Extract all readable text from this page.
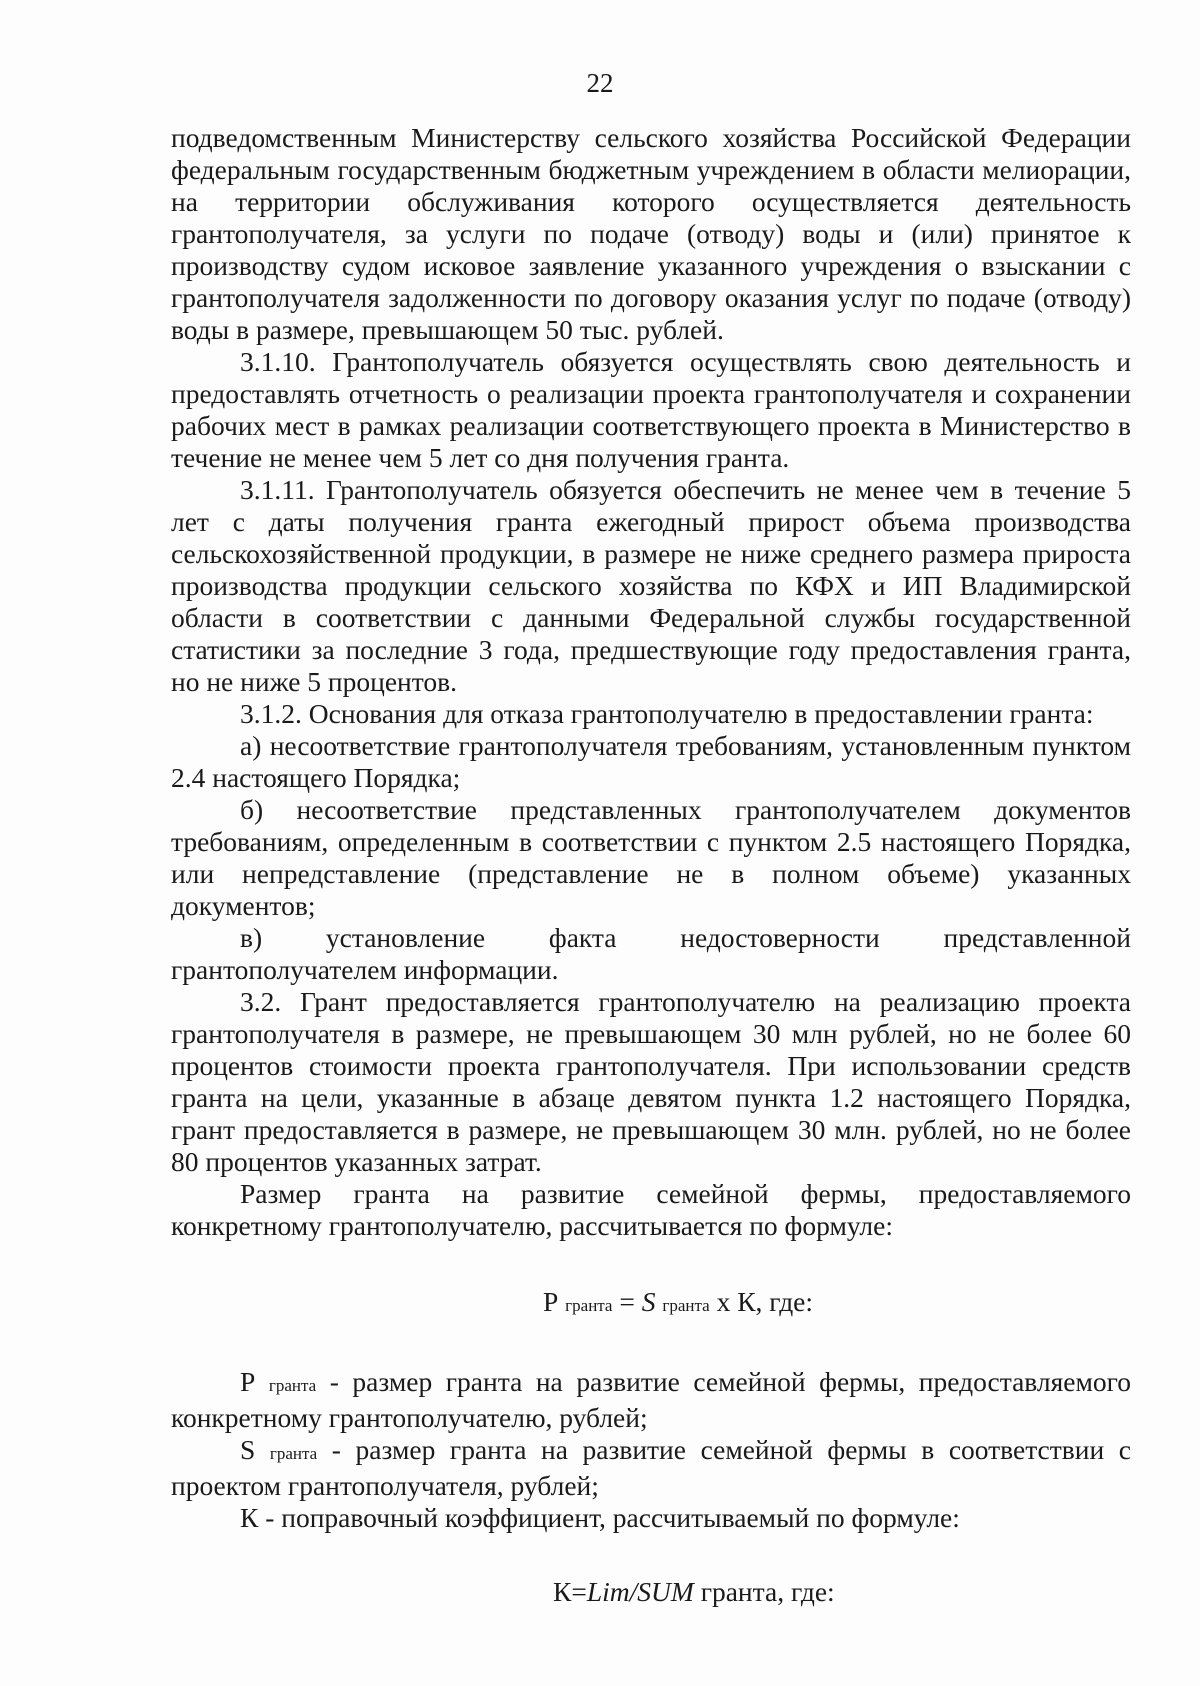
22

подведомственным Министерству сельского хозяйства Российской Федерации федеральным государственным бюджетным учреждением в области мелиорации, на территории обслуживания которого осуществляется деятельность грантополучателя, за услуги по подаче (отводу) воды и (или) принятое к производству судом исковое заявление указанного учреждения о взыскании с грантополучателя задолженности по договору оказания услуг по подаче (отводу) воды в размере, превышающем 50 тыс. рублей.

3.1.10. Грантополучатель обязуется осуществлять свою деятельность и предоставлять отчетность о реализации проекта грантополучателя и сохранении рабочих мест в рамках реализации соответствующего проекта в Министерство в течение не менее чем 5 лет со дня получения гранта.

3.1.11. Грантополучатель обязуется обеспечить не менее чем в течение 5 лет с даты получения гранта ежегодный прирост объема производства сельскохозяйственной продукции, в размере не ниже среднего размера прироста производства продукции сельского хозяйства по КФХ и ИП Владимирской области в соответствии с данными Федеральной службы государственной статистики за последние 3 года, предшествующие году предоставления гранта, но не ниже 5 процентов.

3.1.2. Основания для отказа грантополучателю в предоставлении гранта:

а) несоответствие грантополучателя требованиям, установленным пунктом 2.4 настоящего Порядка;

б) несоответствие представленных грантополучателем документов требованиям, определенным в соответствии с пунктом 2.5 настоящего Порядка, или непредставление (представление не в полном объеме) указанных документов;

в) установление факта недостоверности представленной грантополучателем информации.

3.2. Грант предоставляется грантополучателю на реализацию проекта грантополучателя в размере, не превышающем 30 млн рублей, но не более 60 процентов стоимости проекта грантополучателя. При использовании средств гранта на цели, указанные в абзаце девятом пункта 1.2 настоящего Порядка, грант предоставляется в размере, не превышающем 30 млн. рублей, но не более 80 процентов указанных затрат.

Размер гранта на развитие семейной фермы, предоставляемого конкретному грантополучателю, рассчитывается по формуле:

Р гранта = S гранта х К, где:

Р гранта - размер гранта на развитие семейной фермы, предоставляемого конкретному грантополучателю, рублей;

S гранта - размер гранта на развитие семейной фермы в соответствии с проектом грантополучателя, рублей;

К - поправочный коэффициент, рассчитываемый по формуле:

К=Lim/SUM гранта, где:
